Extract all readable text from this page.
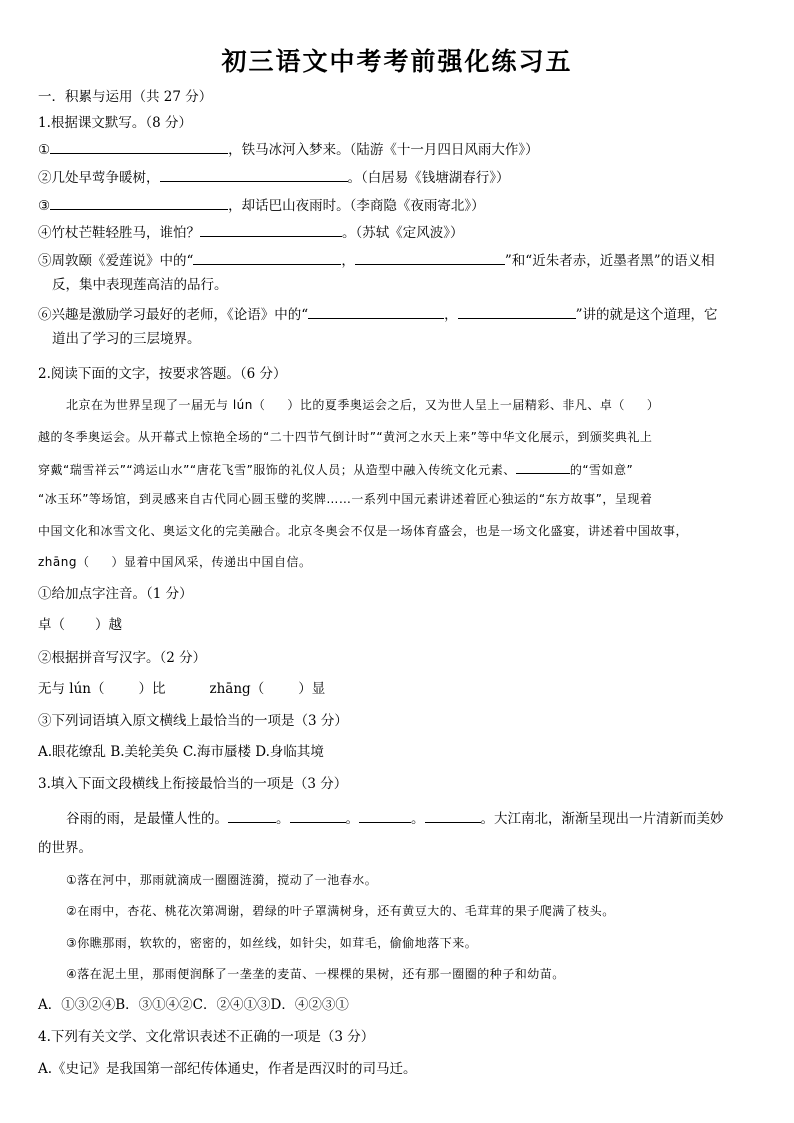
初三语文中考考前强化练习五
一．积累与运用（共 27 分）
1.根据课文默写。（8 分）
①	，铁马冰河入梦来。（陆游《十一月四日风雨大作》）
②几处早莺争暖树，	。（白居易《钱塘湖春行》）
③	，却话巴山夜雨时。（李商隐《夜雨寄北》）
④竹杖芒鞋轻胜马，谁怕？	。（苏轼《定风波》）
⑤周敦颐《爱莲说》中的“	，	”和“近朱者赤，近墨者黑”的语义相
反，集中表现莲高洁的品行。
⑥兴趣是激励学习最好的老师，《论语》中的“	，	”讲的就是这个道理，它
道出了学习的三层境界。
2.阅读下面的文字，按要求答题。（6 分）
北京在为世界呈现了一届无与 lún（ ）比的夏季奥运会之后，又为世人呈上一届精彩、非凡、卓（ ）
越的冬季奥运会。从开幕式上惊艳全场的“二十四节气倒计时”“黄河之水天上来”等中华文化展示，到颁奖典礼上
穿戴“瑞雪祥云”“鸿运山水”“唐花飞雪”服饰的礼仪人员；从造型中融入传统文化元素、	的“雪如意”
“冰玉环”等场馆，到灵感来自古代同心圆玉璧的奖牌……一系列中国元素讲述着匠心独运的“东方故事”，呈现着
中国文化和冰雪文化、奥运文化的完美融合。北京冬奥会不仅是一场体育盛会，也是一场文化盛宴，讲述着中国故事，
zhāng（ ）显着中国风采，传递出中国自信。
①给加点字注音。（1 分）
卓（ ）越
②根据拼音写汉字。（2 分）
无与 lún（	）比	zhāng（	）显
③下列词语填入原文横线上最恰当的一项是（3 分）
A.眼花缭乱 B.美轮美奂 C.海市蜃楼 D.身临其境
3.填入下面文段横线上衔接最恰当的一项是（3 分）
谷雨的雨，是最懂人性的。	。	。	。	。大江南北，渐渐呈现出一片清新而美妙
的世界。
①落在河中，那雨就滴成一圈圈涟漪，搅动了一池春水。
②在雨中，杏花、桃花次第凋谢，碧绿的叶子罩满树身，还有黄豆大的、毛茸茸的果子爬满了枝头。
③你瞧那雨，软软的，密密的，如丝线，如针尖，如茸毛，偷偷地落下来。
④落在泥土里，那雨便润酥了一垄垄的麦苗、一棵棵的果树，还有那一圈圈的种子和幼苗。
A．①③②④B．③①④②C．②④①③D．④②③①
4.下列有关文学、文化常识表述不正确的一项是（3 分）
A.《史记》是我国第一部纪传体通史，作者是西汉时的司马迁。
